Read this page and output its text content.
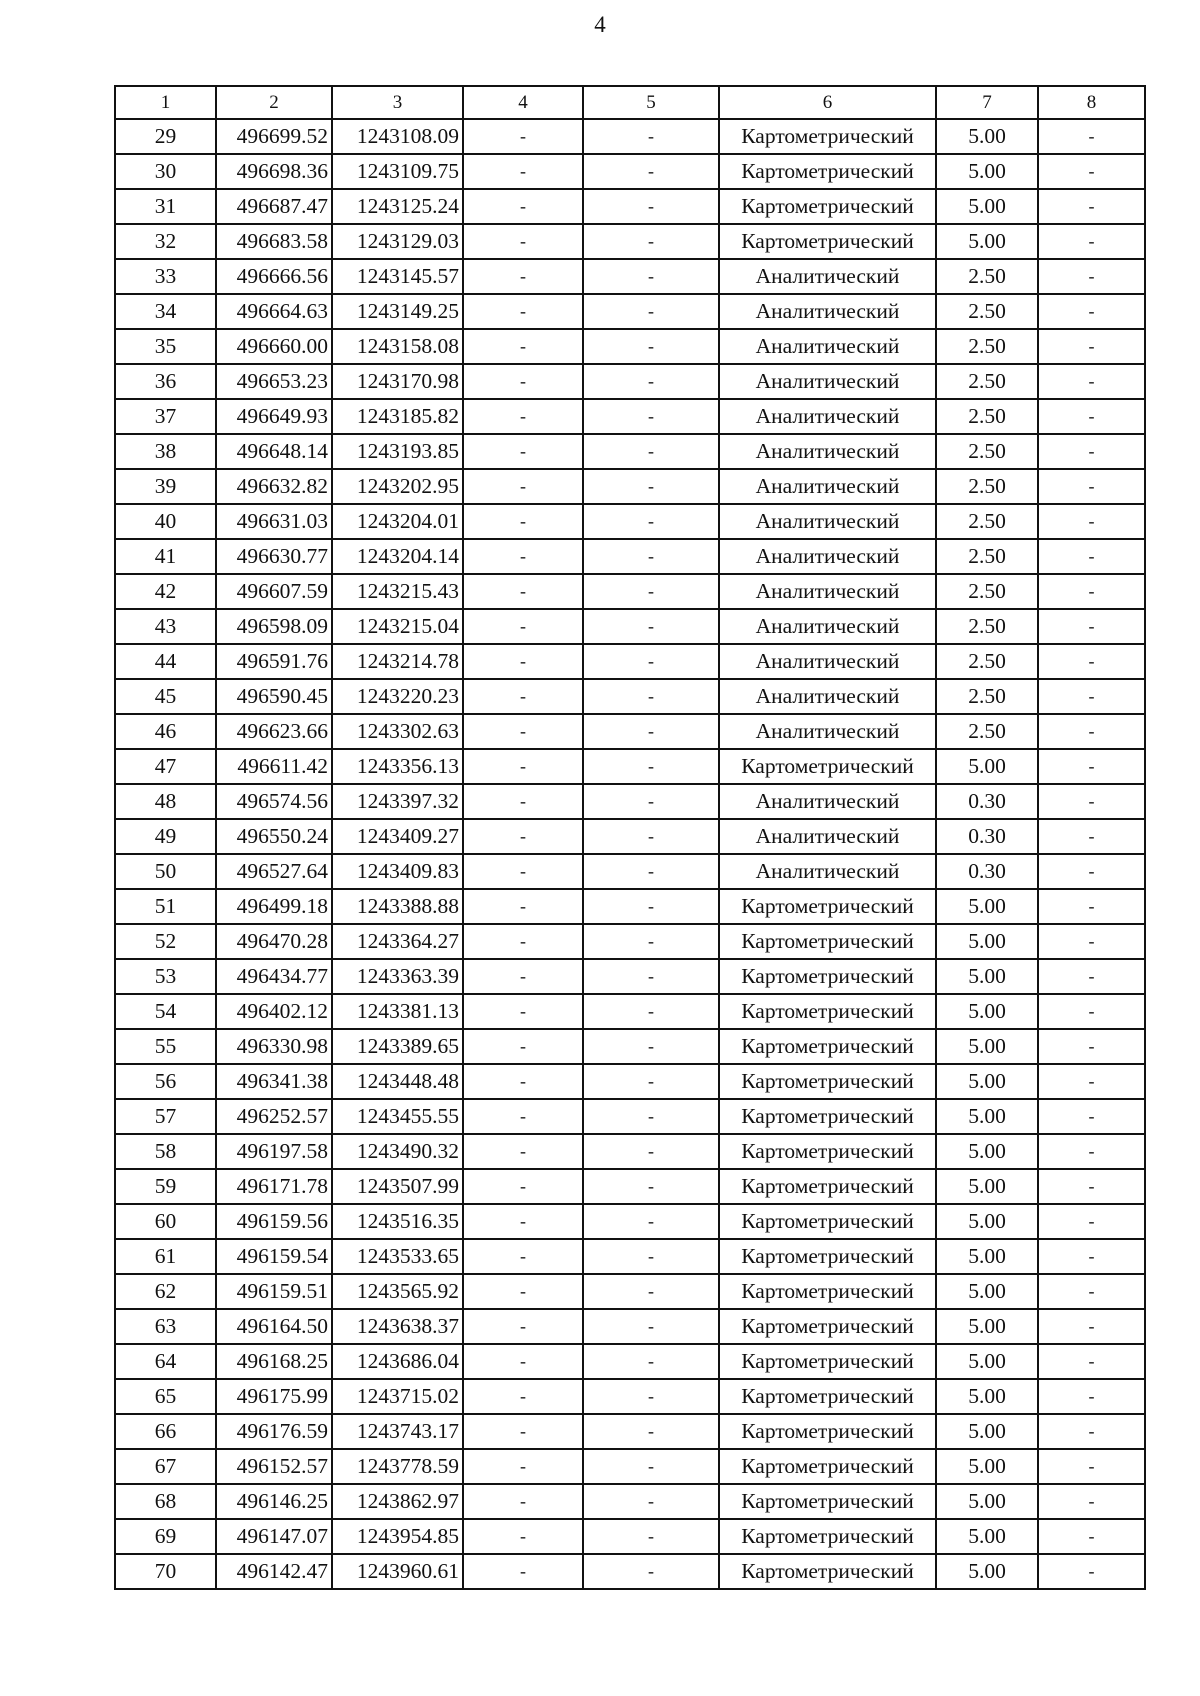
4
1	2	3	4	5	6	7	8
29	496699.52	1243108.09	-	-	Картометрический	5.00	-
30	496698.36	1243109.75	-	-	Картометрический	5.00	-
31	496687.47	1243125.24	-	-	Картометрический	5.00	-
32	496683.58	1243129.03	-	-	Картометрический	5.00	-
33	496666.56	1243145.57	-	-	Аналитический	2.50	-
34	496664.63	1243149.25	-	-	Аналитический	2.50	-
35	496660.00	1243158.08	-	-	Аналитический	2.50	-
36	496653.23	1243170.98	-	-	Аналитический	2.50	-
37	496649.93	1243185.82	-	-	Аналитический	2.50	-
38	496648.14	1243193.85	-	-	Аналитический	2.50	-
39	496632.82	1243202.95	-	-	Аналитический	2.50	-
40	496631.03	1243204.01	-	-	Аналитический	2.50	-
41	496630.77	1243204.14	-	-	Аналитический	2.50	-
42	496607.59	1243215.43	-	-	Аналитический	2.50	-
43	496598.09	1243215.04	-	-	Аналитический	2.50	-
44	496591.76	1243214.78	-	-	Аналитический	2.50	-
45	496590.45	1243220.23	-	-	Аналитический	2.50	-
46	496623.66	1243302.63	-	-	Аналитический	2.50	-
47	496611.42	1243356.13	-	-	Картометрический	5.00	-
48	496574.56	1243397.32	-	-	Аналитический	0.30	-
49	496550.24	1243409.27	-	-	Аналитический	0.30	-
50	496527.64	1243409.83	-	-	Аналитический	0.30	-
51	496499.18	1243388.88	-	-	Картометрический	5.00	-
52	496470.28	1243364.27	-	-	Картометрический	5.00	-
53	496434.77	1243363.39	-	-	Картометрический	5.00	-
54	496402.12	1243381.13	-	-	Картометрический	5.00	-
55	496330.98	1243389.65	-	-	Картометрический	5.00	-
56	496341.38	1243448.48	-	-	Картометрический	5.00	-
57	496252.57	1243455.55	-	-	Картометрический	5.00	-
58	496197.58	1243490.32	-	-	Картометрический	5.00	-
59	496171.78	1243507.99	-	-	Картометрический	5.00	-
60	496159.56	1243516.35	-	-	Картометрический	5.00	-
61	496159.54	1243533.65	-	-	Картометрический	5.00	-
62	496159.51	1243565.92	-	-	Картометрический	5.00	-
63	496164.50	1243638.37	-	-	Картометрический	5.00	-
64	496168.25	1243686.04	-	-	Картометрический	5.00	-
65	496175.99	1243715.02	-	-	Картометрический	5.00	-
66	496176.59	1243743.17	-	-	Картометрический	5.00	-
67	496152.57	1243778.59	-	-	Картометрический	5.00	-
68	496146.25	1243862.97	-	-	Картометрический	5.00	-
69	496147.07	1243954.85	-	-	Картометрический	5.00	-
70	496142.47	1243960.61	-	-	Картометрический	5.00	-
